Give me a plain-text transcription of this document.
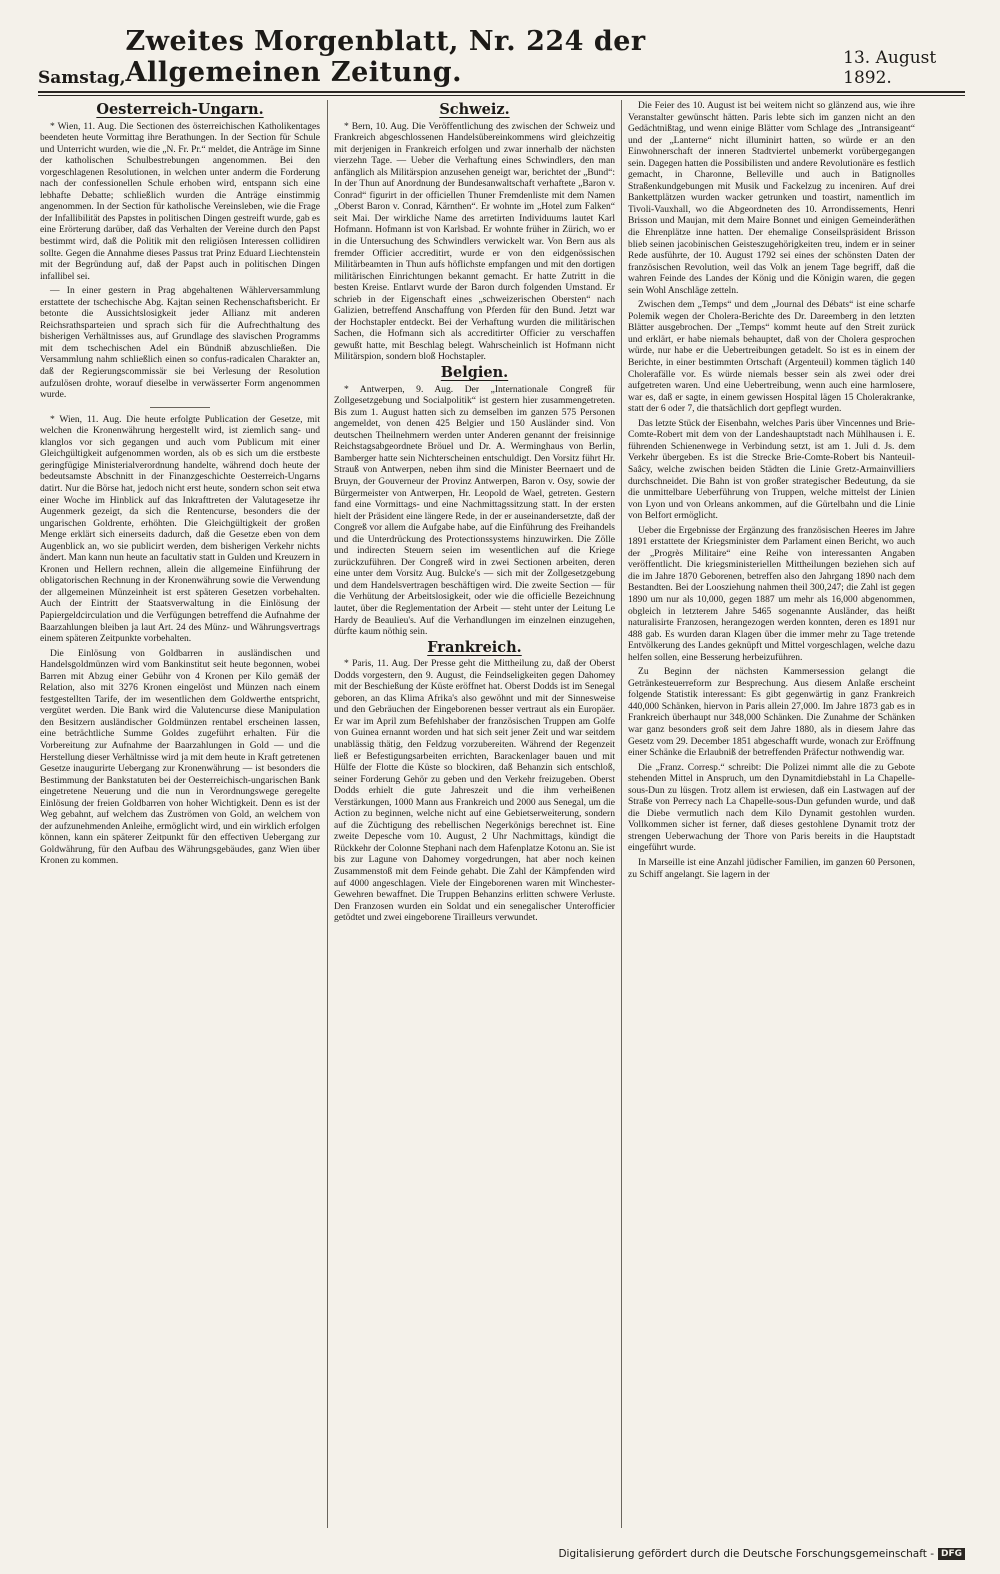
Samstag,
Zweites Morgenblatt, Nr. 224 der Allgemeinen Zeitung.	13. August 1892.
Oesterreich-Ungarn.

* Wien, 11. Aug. Die Sectionen des österreichischen Katholikentages beendeten heute Vormittag ihre Berathungen. In der Section für Schule und Unterricht wurden, wie die „N. Fr. Pr.“ meldet, die Anträge im Sinne der katholischen Schulbestrebungen angenommen. Bei den vorgeschlagenen Resolutionen, in welchen unter anderm die Forderung nach der confessionellen Schule erhoben wird, entspann sich eine lebhafte Debatte; schließlich wurden die Anträge einstimmig angenommen. In der Section für katholische Vereinsleben, wie die Frage der Infallibilität des Papstes in politischen Dingen gestreift wurde, gab es eine Erörterung darüber, daß das Verhalten der Vereine durch den Papst bestimmt wird, daß die Politik mit den religiösen Interessen collidiren sollte. Gegen die Annahme dieses Passus trat Prinz Eduard Liechtenstein mit der Begründung auf, daß der Papst auch in politischen Dingen infallibel sei.

— In einer gestern in Prag abgehaltenen Wählerversammlung erstattete der tschechische Abg. Kajtan seinen Rechenschaftsbericht. Er betonte die Aussichtslosigkeit jeder Allianz mit anderen Reichsrathsparteien und sprach sich für die Aufrechthaltung des bisherigen Verhältnisses aus, auf Grundlage des slavischen Programms mit dem tschechischen Adel ein Bündniß abzuschließen. Die Versammlung nahm schließlich einen so confus-radicalen Charakter an, daß der Regierungscommissär sie bei Verlesung der Resolution aufzulösen drohte, worauf dieselbe in verwässerter Form angenommen wurde.

* Wien, 11. Aug. Die heute erfolgte Publication der Gesetze, mit welchen die Kronenwährung hergestellt wird, ist ziemlich sang- und klanglos vor sich gegangen und auch vom Publicum mit einer Gleichgültigkeit aufgenommen worden, als ob es sich um die erstbeste geringfügige Ministerialverordnung handelte, während doch heute der bedeutsamste Abschnitt in der Finanzgeschichte Oesterreich-Ungarns datirt. Nur die Börse hat, jedoch nicht erst heute, sondern schon seit etwa einer Woche im Hinblick auf das Inkrafttreten der Valutagesetze ihr Augenmerk gezeigt, da sich die Rentencurse, besonders die der ungarischen Goldrente, erhöhten. Die Gleichgültigkeit der großen Menge erklärt sich einerseits dadurch, daß die Gesetze eben von dem Augenblick an, wo sie publicirt werden, dem bisherigen Verkehr nichts ändert. Man kann nun heute an facultativ statt in Gulden und Kreuzern in Kronen und Hellern rechnen, allein die allgemeine Einführung der obligatorischen Rechnung in der Kronenwährung sowie die Verwendung der allgemeinen Münzeinheit ist erst späteren Gesetzen vorbehalten. Auch der Eintritt der Staatsverwaltung in die Einlösung der Papiergeldcirculation und die Verfügungen betreffend die Aufnahme der Baarzahlungen bleiben ja laut Art. 24 des Münz- und Währungsvertrags einem späteren Zeitpunkte vorbehalten.

Die Einlösung von Goldbarren in ausländischen und Handelsgoldmünzen wird vom Bankinstitut seit heute begonnen, wobei Barren mit Abzug einer Gebühr von 4 Kronen per Kilo gemäß der Relation, also mit 3276 Kronen eingelöst und Münzen nach einem festgestellten Tarife, der im wesentlichen dem Goldwerthe entspricht, vergütet werden. Die Bank wird die Valutencurse diese Manipulation den Besitzern ausländischer Goldmünzen rentabel erscheinen lassen, eine beträchtliche Summe Goldes zugeführt erhalten. Für die Vorbereitung zur Aufnahme der Baarzahlungen in Gold — und die Herstellung dieser Verhältnisse wird ja mit dem heute in Kraft getretenen Gesetze inaugurirte Uebergang zur Kronenwährung — ist besonders die Bestimmung der Bankstatuten bei der Oesterreichisch-ungarischen Bank eingetretene Neuerung und die nun in Verordnungswege geregelte Einlösung der freien Goldbarren von hoher Wichtigkeit. Denn es ist der Weg gebahnt, auf welchem das Zuströmen von Gold, an welchem von der aufzunehmenden Anleihe, ermöglicht wird, und ein wirklich erfolgen können, kann ein späterer Zeitpunkt für den effectiven Uebergang zur Goldwährung, für den Aufbau des Währungsgebäudes, ganz Wien über Kronen zu kommen.

Schweiz.

* Bern, 10. Aug. Die Veröffentlichung des zwischen der Schweiz und Frankreich abgeschlossenen Handelsübereinkommens wird gleichzeitig mit derjenigen in Frankreich erfolgen und zwar innerhalb der nächsten vierzehn Tage. — Ueber die Verhaftung eines Schwindlers, den man anfänglich als Militärspion anzusehen geneigt war, berichtet der „Bund“: In der Thun auf Anordnung der Bundesanwaltschaft verhaftete „Baron v. Conrad“ figurirt in der officiellen Thuner Fremdenliste mit dem Namen „Oberst Baron v. Conrad, Kärnthen“. Er wohnte im „Hotel zum Falken“ seit Mai. Der wirkliche Name des arretirten Individuums lautet Karl Hofmann. Hofmann ist von Karlsbad. Er wohnte früher in Zürich, wo er in die Untersuchung des Schwindlers verwickelt war. Von Bern aus als fremder Officier accreditirt, wurde er von den eidgenössischen Militärbeamten in Thun aufs höflichste empfangen und mit den dortigen militärischen Einrichtungen bekannt gemacht. Er hatte Zutritt in die besten Kreise. Entlarvt wurde der Baron durch folgenden Umstand. Er schrieb in der Eigenschaft eines „schweizerischen Obersten“ nach Galizien, betreffend Anschaffung von Pferden für den Bund. Jetzt war der Hochstapler entdeckt. Bei der Verhaftung wurden die militärischen Sachen, die Hofmann sich als accreditirter Officier zu verschaffen gewußt hatte, mit Beschlag belegt. Wahrscheinlich ist Hofmann nicht Militärspion, sondern bloß Hochstapler.

Belgien.

* Antwerpen, 9. Aug. Der „Internationale Congreß für Zollgesetzgebung und Socialpolitik“ ist gestern hier zusammengetreten. Bis zum 1. August hatten sich zu demselben im ganzen 575 Personen angemeldet, von denen 425 Belgier und 150 Ausländer sind. Von deutschen Theilnehmern werden unter Anderen genannt der freisinnige Reichstagsabgeordnete Bröuel und Dr. A. Werminghaus von Berlin, Bamberger hatte sein Nichterscheinen entschuldigt. Den Vorsitz führt Hr. Strauß von Antwerpen, neben ihm sind die Minister Beernaert und de Bruyn, der Gouverneur der Provinz Antwerpen, Baron v. Osy, sowie der Bürgermeister von Antwerpen, Hr. Leopold de Wael, getreten. Gestern fand eine Vormittags- und eine Nachmittagssitzung statt. In der ersten hielt der Präsident eine längere Rede, in der er auseinandersetzte, daß der Congreß vor allem die Aufgabe habe, auf die Einführung des Freihandels und die Unterdrückung des Protectionssystems hinzuwirken. Die Zölle und indirecten Steuern seien im wesentlichen auf die Kriege zurückzuführen. Der Congreß wird in zwei Sectionen arbeiten, deren eine unter dem Vorsitz Aug. Bulcke's — sich mit der Zollgesetzgebung und dem Handelsvertragen beschäftigen wird. Die zweite Section — für die Verhütung der Arbeitslosigkeit, oder wie die officielle Bezeichnung lautet, über die Reglementation der Arbeit — steht unter der Leitung Le Hardy de Beaulieu's. Auf die Verhandlungen im einzelnen einzugehen, dürfte kaum nöthig sein.

Frankreich.

* Paris, 11. Aug. Der Presse geht die Mittheilung zu, daß der Oberst Dodds vorgestern, den 9. August, die Feindseligkeiten gegen Dahomey mit der Beschießung der Küste eröffnet hat. Oberst Dodds ist im Senegal geboren, an das Klima Afrika's also gewöhnt und mit der Sinnesweise und den Gebräuchen der Eingeborenen besser vertraut als ein Europäer. Er war im April zum Befehlshaber der französischen Truppen am Golfe von Guinea ernannt worden und hat sich seit jener Zeit und war seitdem unablässig thätig, den Feldzug vorzubereiten. Während der Regenzeit ließ er Befestigungsarbeiten errichten, Barackenlager bauen und mit Hülfe der Flotte die Küste so blockiren, daß Behanzin sich entschloß, seiner Forderung Gehör zu geben und den Verkehr freizugeben. Oberst Dodds erhielt die gute Jahreszeit und die ihm verheißenen Verstärkungen, 1000 Mann aus Frankreich und 2000 aus Senegal, um die Action zu beginnen, welche nicht auf eine Gebietserweiterung, sondern auf die Züchtigung des rebellischen Negerkönigs berechnet ist. Eine zweite Depesche vom 10. August, 2 Uhr Nachmittags, kündigt die Rückkehr der Colonne Stephani nach dem Hafenplatze Kotonu an. Sie ist bis zur Lagune von Dahomey vorgedrungen, hat aber noch keinen Zusammenstoß mit dem Feinde gehabt. Die Zahl der Kämpfenden wird auf 4000 angeschlagen. Viele der Eingeborenen waren mit Winchester-Gewehren bewaffnet. Die Truppen Behanzins erlitten schwere Verluste. Den Franzosen wurden ein Soldat und ein senegalischer Unterofficier getödtet und zwei eingeborene Tirailleurs verwundet.

Die Feier des 10. August ist bei weitem nicht so glänzend aus, wie ihre Veranstalter gewünscht hätten. Paris lebte sich im ganzen nicht an den Gedächtnißtag, und wenn einige Blätter vom Schlage des „Intransigeant“ und der „Lanterne“ nicht illuminirt hatten, so würde er an den Einwohnerschaft der inneren Stadtviertel unbemerkt vorübergegangen sein. Dagegen hatten die Possibilisten und andere Revolutionäre es festlich gemacht, in Charonne, Belleville und auch in Batignolles Straßenkundgebungen mit Musik und Fackelzug zu inceniren. Auf drei Bankettplätzen wurden wacker getrunken und toastirt, namentlich im Tivoli-Vauxhall, wo die Abgeordneten des 10. Arrondissements, Henri Brisson und Maujan, mit dem Maire Bonnet und einigen Gemeinderäthen die Ehrenplätze inne hatten. Der ehemalige Conseilspräsident Brisson blieb seinen jacobinischen Geisteszugehörigkeiten treu, indem er in seiner Rede ausführte, der 10. August 1792 sei eines der schönsten Daten der französischen Revolution, weil das Volk an jenem Tage begriff, daß die wahren Feinde des Landes der König und die Königin waren, die gegen sein Wohl Anschläge zetteln.

Zwischen dem „Temps“ und dem „Journal des Débats“ ist eine scharfe Polemik wegen der Cholera-Berichte des Dr. Dareemberg in den letzten Blätter ausgebrochen. Der „Temps“ kommt heute auf den Streit zurück und erklärt, er habe niemals behauptet, daß von der Cholera gesprochen würde, nur habe er die Uebertreibungen getadelt. So ist es in einem der Berichte, in einer bestimmten Ortschaft (Argenteuil) kommen täglich 140 Cholerafälle vor. Es würde niemals besser sein als zwei oder drei aufgetreten waren. Und eine Uebertreibung, wenn auch eine harmlosere, war es, daß er sagte, in einem gewissen Hospital lägen 15 Cholerakranke, statt der 6 oder 7, die thatsächlich dort gepflegt wurden.

Das letzte Stück der Eisenbahn, welches Paris über Vincennes und Brie-Comte-Robert mit dem von der Landeshauptstadt nach Mühlhausen i. E. führenden Schienenwege in Verbindung setzt, ist am 1. Juli d. Js. dem Verkehr übergeben. Es ist die Strecke Brie-Comte-Robert bis Nanteuil-Saâcy, welche zwischen beiden Städten die Linie Gretz-Armainvilliers durchschneidet. Die Bahn ist von großer strategischer Bedeutung, da sie die unmittelbare Ueberführung von Truppen, welche mittelst der Linien von Lyon und von Orleans ankommen, auf die Gürtelbahn und die Linie von Belfort ermöglicht.

Ueber die Ergebnisse der Ergänzung des französischen Heeres im Jahre 1891 erstattete der Kriegsminister dem Parlament einen Bericht, wo auch der „Progrès Militaire“ eine Reihe von interessanten Angaben veröffentlicht. Die kriegsministeriellen Mittheilungen beziehen sich auf die im Jahre 1870 Geborenen, betreffen also den Jahrgang 1890 nach dem Bestandten. Bei der Loosziehung nahmen theil 300,247; die Zahl ist gegen 1890 um nur als 10,000, gegen 1887 um mehr als 16,000 abgenommen, obgleich in letzterem Jahre 5465 sogenannte Ausländer, das heißt naturalisirte Franzosen, herangezogen werden konnten, deren es 1891 nur 488 gab. Es wurden daran Klagen über die immer mehr zu Tage tretende Entvölkerung des Landes geknüpft und Mittel vorgeschlagen, welche dazu helfen sollen, eine Besserung herbeizuführen.

Zu Beginn der nächsten Kammersession gelangt die Getränkesteuerreform zur Besprechung. Aus diesem Anlaße erscheint folgende Statistik interessant: Es gibt gegenwärtig in ganz Frankreich 440,000 Schänken, hiervon in Paris allein 27,000. Im Jahre 1873 gab es in Frankreich überhaupt nur 348,000 Schänken. Die Zunahme der Schänken war ganz besonders groß seit dem Jahre 1880, als in diesem Jahre das Gesetz vom 29. December 1851 abgeschafft wurde, wonach zur Eröffnung einer Schänke die Erlaubniß der betreffenden Präfectur nothwendig war.

Die „Franz. Corresp.“ schreibt: Die Polizei nimmt alle die zu Gebote stehenden Mittel in Anspruch, um den Dynamitdiebstahl in La Chapelle-sous-Dun zu lüsgen. Trotz allem ist erwiesen, daß ein Lastwagen auf der Straße von Perrecy nach La Chapelle-sous-Dun gefunden wurde, und daß die Diebe vermutlich nach dem Kilo Dynamit gestohlen wurden. Vollkommen sicher ist ferner, daß dieses gestohlene Dynamit trotz der strengen Ueberwachung der Thore von Paris bereits in die Hauptstadt eingeführt wurde.

In Marseille ist eine Anzahl jüdischer Familien, im ganzen 60 Personen, zu Schiff angelangt. Sie lagern in der

Digitalisierung gefördert durch die Deutsche Forschungsgemeinschaft - DFG
